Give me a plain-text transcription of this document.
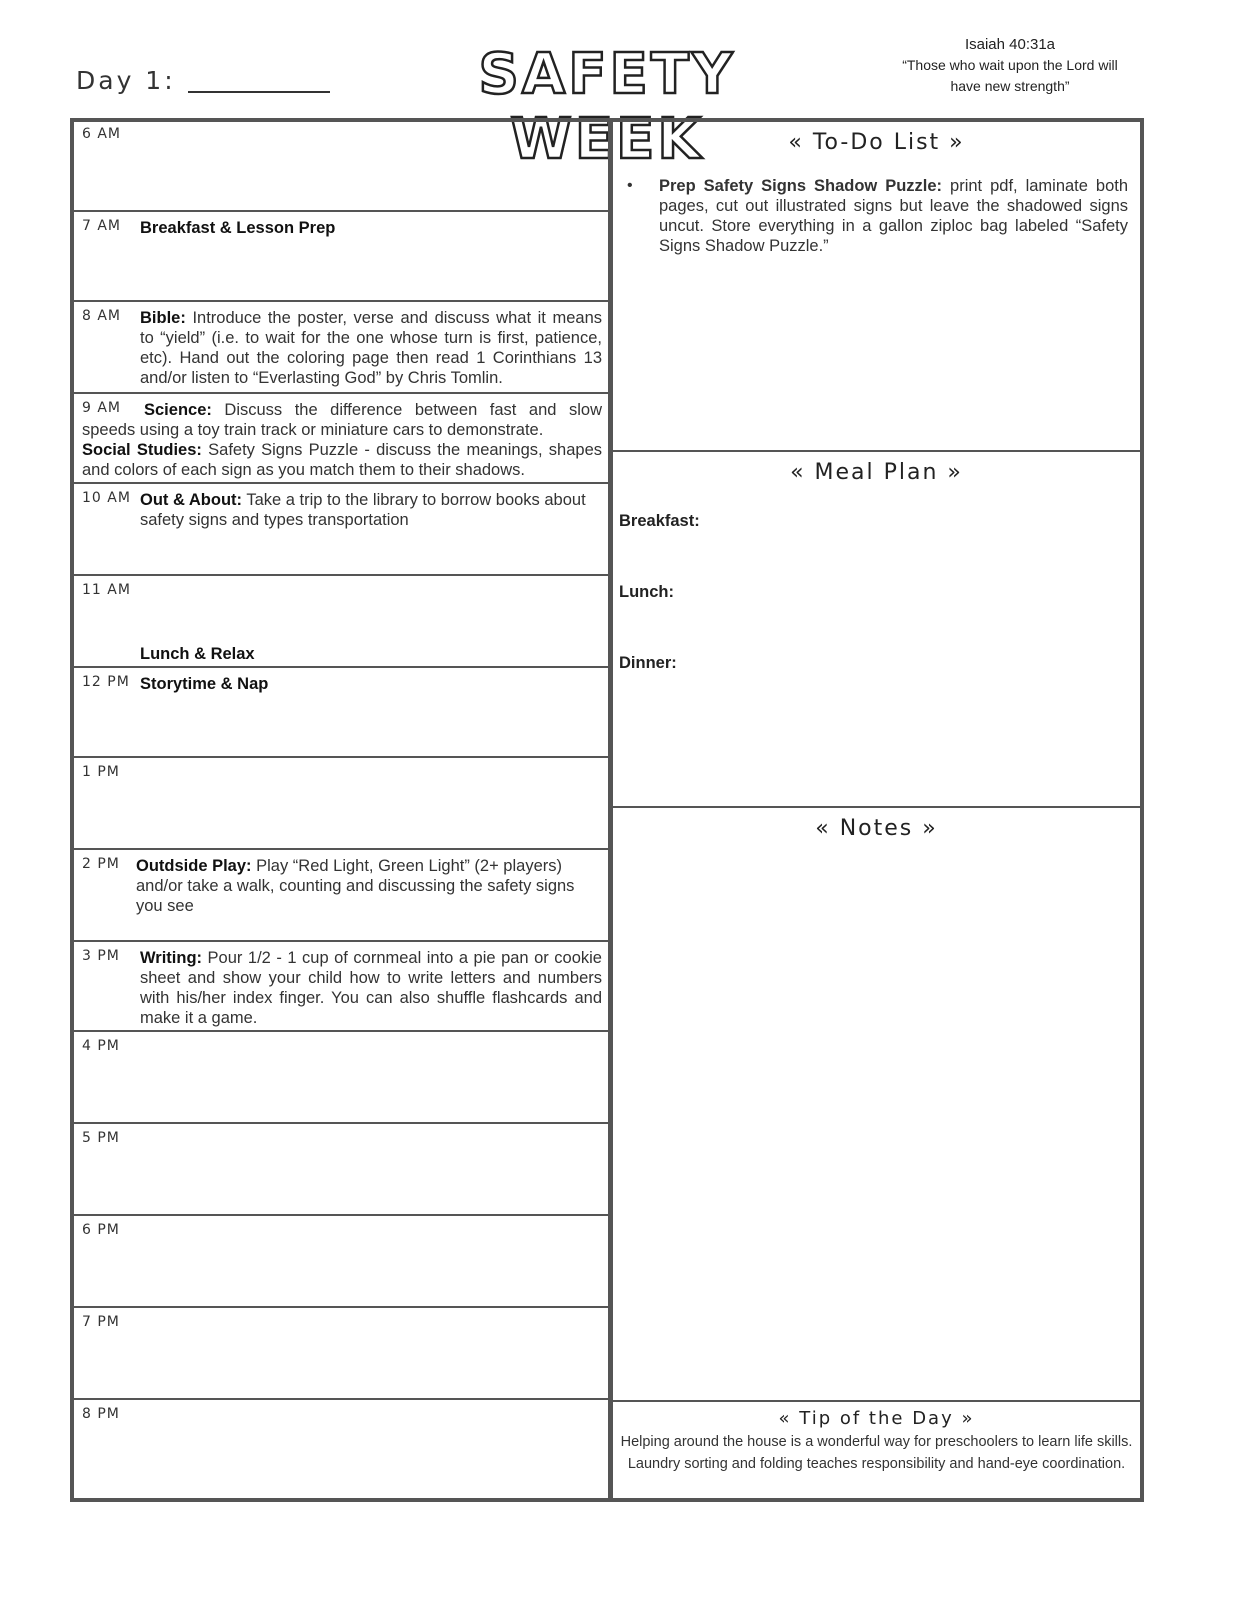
Day 1:	SAFETY WEEK
Isaiah 40:31a
“Those who wait upon the Lord will
have new strength”
6 AM
7 AM Breakfast & Lesson Prep
8 AM Bible: Introduce the poster, verse and discuss what it means to “yield” (i.e. to wait for the one whose turn is first, patience, etc). Hand out the coloring page then read 1 Corinthians 13 and/or listen to “Everlasting God” by Chris Tomlin.
9 AM	Science: Discuss the difference between fast and slow speeds using a toy train track or miniature cars to demonstrate.
Social Studies: Safety Signs Puzzle - discuss the meanings, shapes and colors of each sign as you match them to their shadows.
10 AM Out & About: Take a trip to the library to borrow books about safety signs and types transportation
11 AM
Lunch & Relax
12 PM Storytime & Nap
1 PM
2 PM Outdside Play: Play “Red Light, Green Light” (2+ players) and/or take a walk, counting and discussing the safety signs you see
3 PM Writing: Pour 1/2 - 1 cup of cornmeal into a pie pan or cookie sheet and show your child how to write letters and numbers with his/her index finger. You can also shuffle flashcards and make it a game.
4 PM
5 PM
6 PM
7 PM
8 PM
« To-Do List »
• Prep Safety Signs Shadow Puzzle: print pdf, laminate both pages, cut out illustrated signs but leave the shadowed signs uncut. Store everything in a gallon ziploc bag labeled “Safety Signs Shadow Puzzle.”
« Meal Plan »
Breakfast:
Lunch:
Dinner:
« Notes »
« Tip of the Day »
Helping around the house is a wonderful way for preschoolers to learn life skills.
Laundry sorting and folding teaches responsibility and hand-eye coordination.
